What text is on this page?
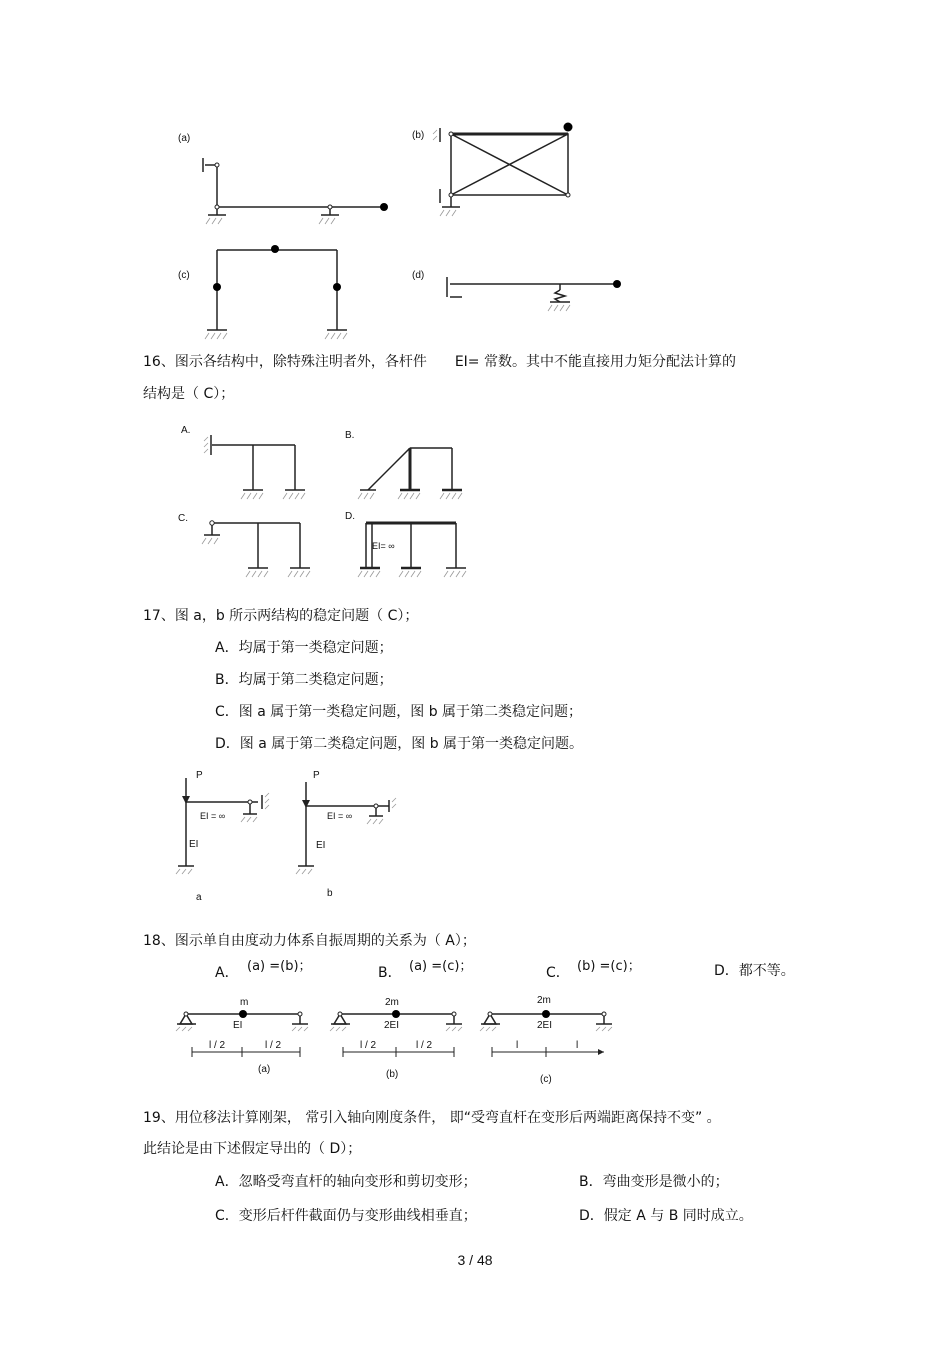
(a)	(b)
(c)	(d)
16、图示各结构中，除特殊注明者外，各杆件　　EI= 常数。其中不能直接用力矩分配法计算的
结构是（ C）；
A.	B.
C.	D.
EI= ∞
17、图 a，b 所示两结构的稳定问题（ C）；
A．均属于第一类稳定问题；
B．均属于第二类稳定问题；
C．图 a 属于第一类稳定问题，图 b 属于第二类稳定问题；
D．图 a 属于第二类稳定问题，图 b 属于第一类稳定问题。
P	P
EI = ∞	EI = ∞
EI	EI
a	b
18、图示单自由度动力体系自振周期的关系为（ A）；
A． (a) =(b)；	B． (a) =(c)；	C． (b) =(c)；	D．都不等。
m	2m	2m
EI	2EI	2EI
l / 2	l / 2	l / 2	l / 2	l	l
(a)	(b)	(c)
19、用位移法计算刚架， 常引入轴向刚度条件， 即“受弯直杆在变形后两端距离保持不变” 。
此结论是由下述假定导出的（ D）；
A．忽略受弯直杆的轴向变形和剪切变形；	B．弯曲变形是微小的；
C．变形后杆件截面仍与变形曲线相垂直；	D．假定 A 与 B 同时成立。
3 / 48
